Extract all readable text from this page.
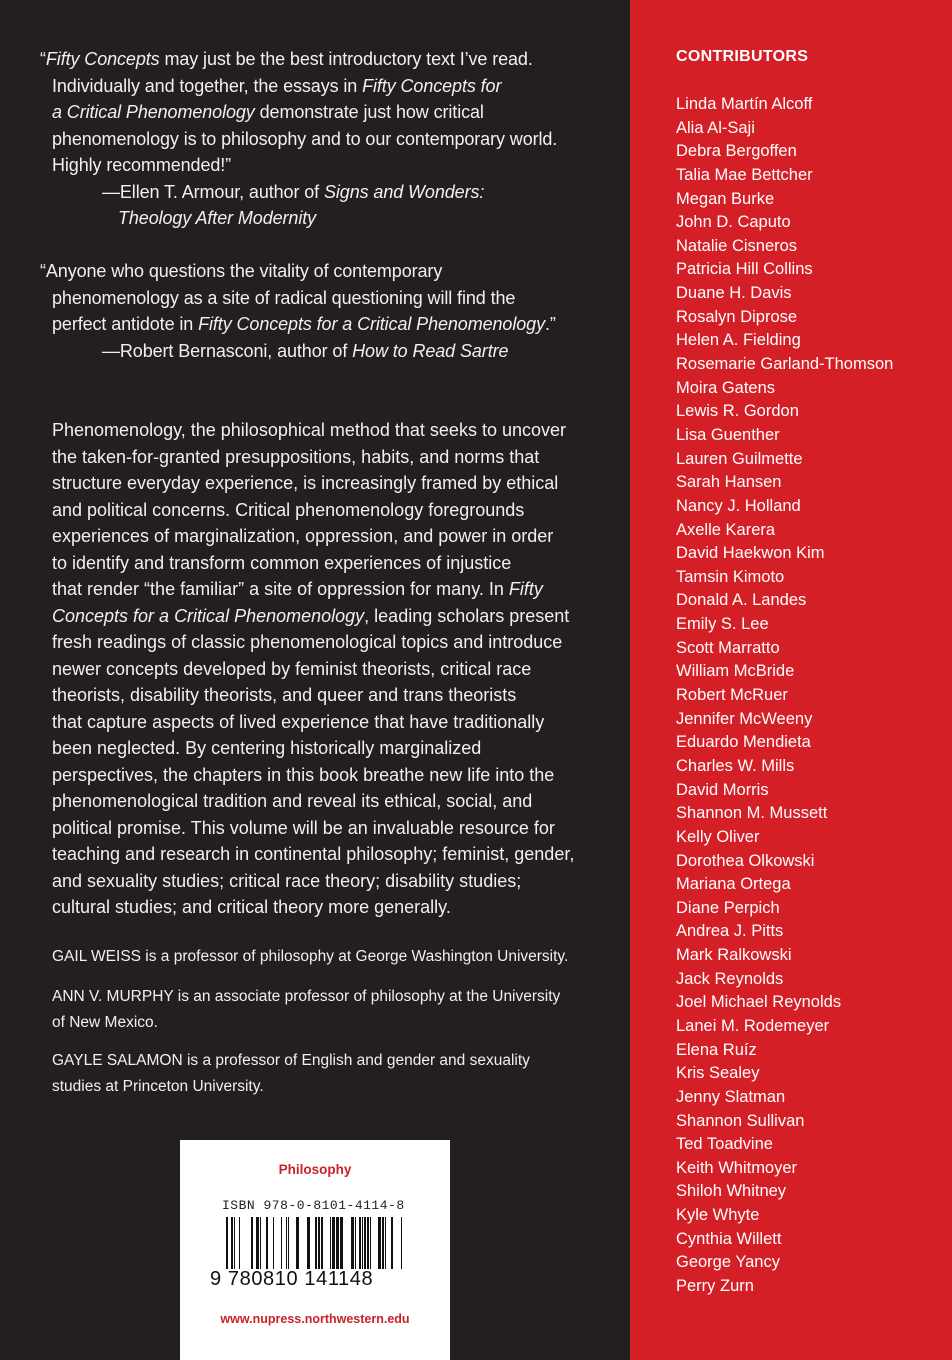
“Fifty Concepts may just be the best introductory text I’ve read.
Individually and together, the essays in Fifty Concepts for
a Critical Phenomenology demonstrate just how critical
phenomenology is to philosophy and to our contemporary world.
Highly recommended!”
—Ellen T. Armour, author of Signs and Wonders:
Theology After Modernity
“Anyone who questions the vitality of contemporary
phenomenology as a site of radical questioning will find the
perfect antidote in Fifty Concepts for a Critical Phenomenology.”
—Robert Bernasconi, author of How to Read Sartre
Phenomenology, the philosophical method that seeks to uncover
the taken-for-granted presuppositions, habits, and norms that
structure everyday experience, is increasingly framed by ethical
and political concerns. Critical phenomenology foregrounds
experiences of marginalization, oppression, and power in order
to identify and transform common experiences of injustice
that render “the familiar” a site of oppression for many. In Fifty
Concepts for a Critical Phenomenology, leading scholars present
fresh readings of classic phenomenological topics and introduce
newer concepts developed by feminist theorists, critical race
theorists, disability theorists, and queer and trans theorists
that capture aspects of lived experience that have traditionally
been neglected. By centering historically marginalized
perspectives, the chapters in this book breathe new life into the
phenomenological tradition and reveal its ethical, social, and
political promise. This volume will be an invaluable resource for
teaching and research in continental philosophy; feminist, gender,
and sexuality studies; critical race theory; disability studies;
cultural studies; and critical theory more generally.
GAIL WEISS is a professor of philosophy at George Washington University.
ANN V. MURPHY is an associate professor of philosophy at the University
of New Mexico.
GAYLE SALAMON is a professor of English and gender and sexuality
studies at Princeton University.
Philosophy
ISBN 978-0-8101-4114-8
9 780810 141148
www.nupress.northwestern.edu
CONTRIBUTORS
Linda Martín Alcoff
Alia Al-Saji
Debra Bergoffen
Talia Mae Bettcher
Megan Burke
John D. Caputo
Natalie Cisneros
Patricia Hill Collins
Duane H. Davis
Rosalyn Diprose
Helen A. Fielding
Rosemarie Garland-Thomson
Moira Gatens
Lewis R. Gordon
Lisa Guenther
Lauren Guilmette
Sarah Hansen
Nancy J. Holland
Axelle Karera
David Haekwon Kim
Tamsin Kimoto
Donald A. Landes
Emily S. Lee
Scott Marratto
William McBride
Robert McRuer
Jennifer McWeeny
Eduardo Mendieta
Charles W. Mills
David Morris
Shannon M. Mussett
Kelly Oliver
Dorothea Olkowski
Mariana Ortega
Diane Perpich
Andrea J. Pitts
Mark Ralkowski
Jack Reynolds
Joel Michael Reynolds
Lanei M. Rodemeyer
Elena Ruíz
Kris Sealey
Jenny Slatman
Shannon Sullivan
Ted Toadvine
Keith Whitmoyer
Shiloh Whitney
Kyle Whyte
Cynthia Willett
George Yancy
Perry Zurn
